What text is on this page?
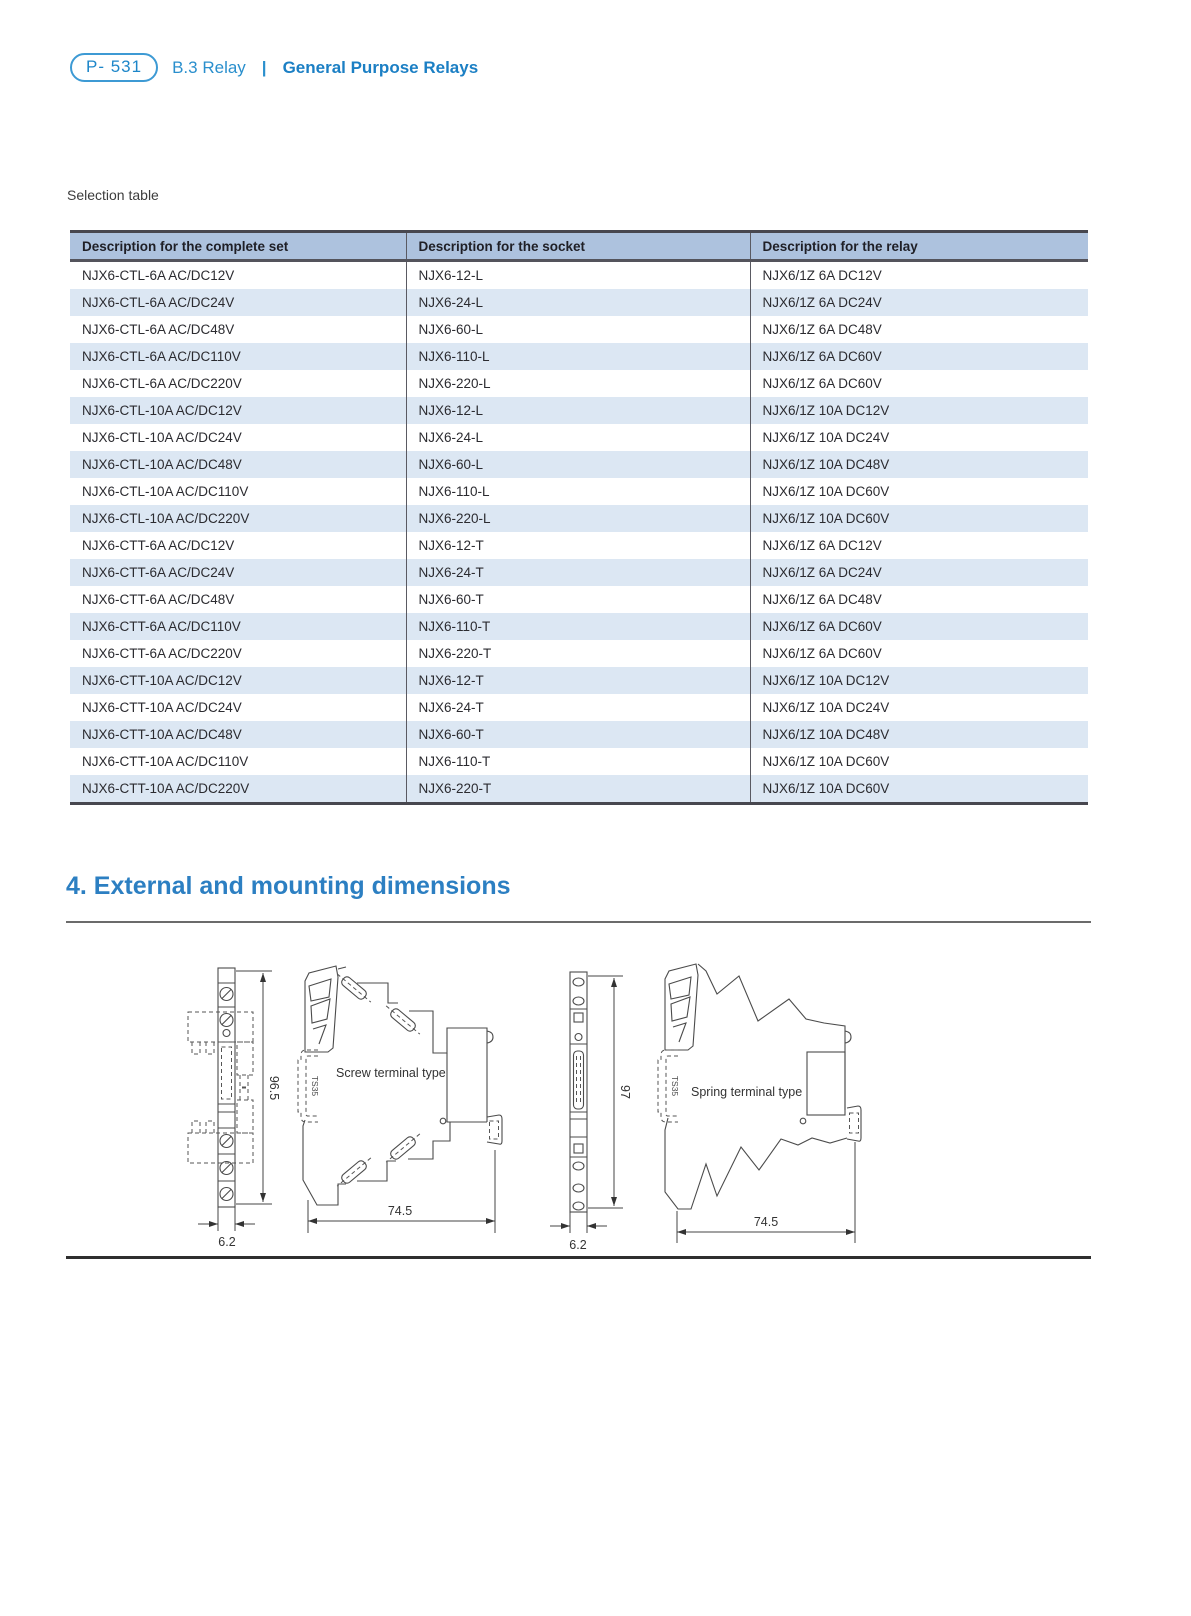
P- 531	B.3 Relay | General Purpose Relays
Selection table
Description for the complete set	Description for the socket	Description for the relay
NJX6-CTL-6A AC/DC12V	NJX6-12-L	NJX6/1Z 6A DC12V
NJX6-CTL-6A AC/DC24V	NJX6-24-L	NJX6/1Z 6A DC24V
NJX6-CTL-6A AC/DC48V	NJX6-60-L	NJX6/1Z 6A DC48V
NJX6-CTL-6A AC/DC110V	NJX6-110-L	NJX6/1Z 6A DC60V
NJX6-CTL-6A AC/DC220V	NJX6-220-L	NJX6/1Z 6A DC60V
NJX6-CTL-10A AC/DC12V	NJX6-12-L	NJX6/1Z 10A DC12V
NJX6-CTL-10A AC/DC24V	NJX6-24-L	NJX6/1Z 10A DC24V
NJX6-CTL-10A AC/DC48V	NJX6-60-L	NJX6/1Z 10A DC48V
NJX6-CTL-10A AC/DC110V	NJX6-110-L	NJX6/1Z 10A DC60V
NJX6-CTL-10A AC/DC220V	NJX6-220-L	NJX6/1Z 10A DC60V
NJX6-CTT-6A AC/DC12V	NJX6-12-T	NJX6/1Z 6A DC12V
NJX6-CTT-6A AC/DC24V	NJX6-24-T	NJX6/1Z 6A DC24V
NJX6-CTT-6A AC/DC48V	NJX6-60-T	NJX6/1Z 6A DC48V
NJX6-CTT-6A AC/DC110V	NJX6-110-T	NJX6/1Z 6A DC60V
NJX6-CTT-6A AC/DC220V	NJX6-220-T	NJX6/1Z 6A DC60V
NJX6-CTT-10A AC/DC12V	NJX6-12-T	NJX6/1Z 10A DC12V
NJX6-CTT-10A AC/DC24V	NJX6-24-T	NJX6/1Z 10A DC24V
NJX6-CTT-10A AC/DC48V	NJX6-60-T	NJX6/1Z 10A DC48V
NJX6-CTT-10A AC/DC110V	NJX6-110-T	NJX6/1Z 10A DC60V
NJX6-CTT-10A AC/DC220V	NJX6-220-T	NJX6/1Z 10A DC60V
4. External and mounting dimensions
96.5	TS35
Screw terminal type
74.5
6.2
97	TS35 Spring terminal type
74.5
6.2
